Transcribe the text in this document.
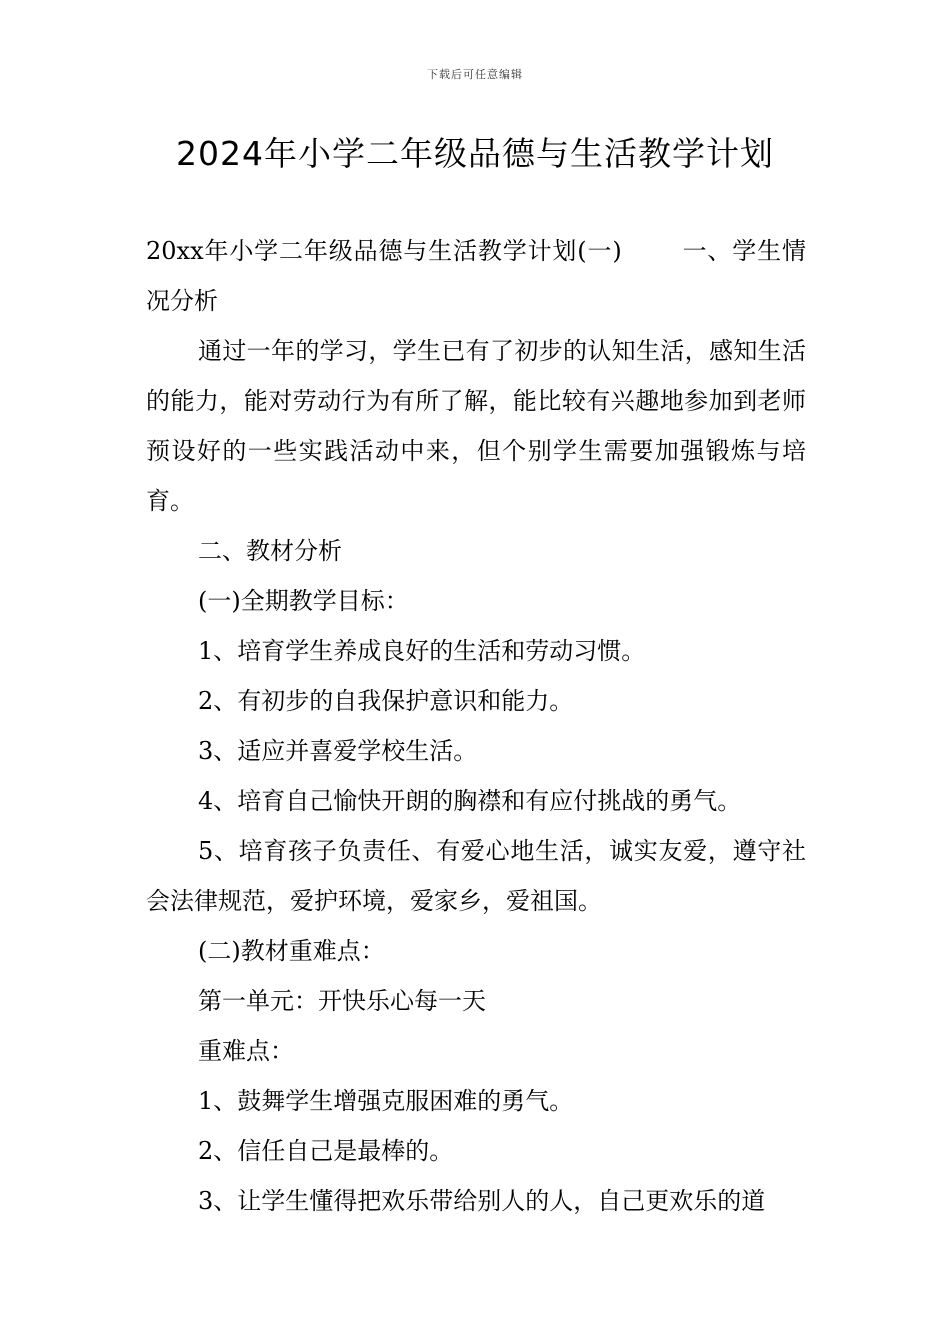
下载后可任意编辑
2024年小学二年级品德与生活教学计划

20xx年小学二年级品德与生活教学计划(一)	一、学生情况分析

通过一年的学习，学生已有了初步的认知生活，感知生活的能力，能对劳动行为有所了解，能比较有兴趣地参加到老师预设好的一些实践活动中来，但个别学生需要加强锻炼与培育。

二、教材分析

(一)全期教学目标：

1、培育学生养成良好的生活和劳动习惯。

2、有初步的自我保护意识和能力。

3、适应并喜爱学校生活。

4、培育自己愉快开朗的胸襟和有应付挑战的勇气。

5、培育孩子负责任、有爱心地生活，诚实友爱，遵守社会法律规范，爱护环境，爱家乡，爱祖国。

(二)教材重难点：

第一单元：开快乐心每一天

重难点：

1、鼓舞学生增强克服困难的勇气。

2、信任自己是最棒的。

3、让学生懂得把欢乐带给别人的人，自己更欢乐的道
